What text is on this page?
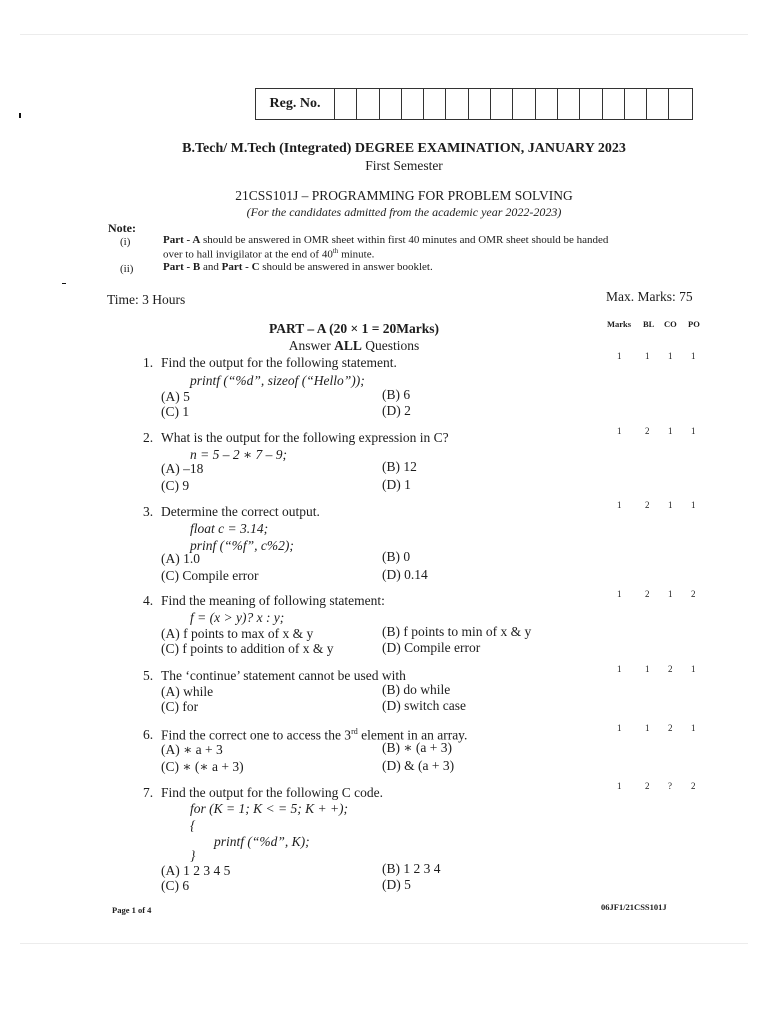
Reg. No.
B.Tech/ M.Tech (Integrated) DEGREE EXAMINATION, JANUARY 2023
First Semester
21CSS101J – PROGRAMMING FOR PROBLEM SOLVING
(For the candidates admitted from the academic year 2022-2023)
Note:
(i)	Part - A should be answered in OMR sheet within first 40 minutes and OMR sheet should be handed
over to hall invigilator at the end of 40th minute.
(ii)	Part - B and Part - C should be answered in answer booklet.
Time: 3 Hours	Max. Marks: 75
PART – A (20 × 1 = 20Marks)
Answer ALL Questions
Marks BL CO PO
1. Find the output for the following statement.
printf (“%d”, sizeof (“Hello”));
(A) 5	(B) 6
(C) 1	(D) 2
1	1 1 1
2. What is the output for the following expression in C?
n = 5 – 2 ∗ 7 – 9;
(A) –18	(B) 12
(C) 9	(D) 1
1	2 1 1
3. Determine the correct output.
float c = 3.14;
prinf (“%f”, c%2);
(A) 1.0	(B) 0
(C) Compile error	(D) 0.14
1	2 1 1
4. Find the meaning of following statement:
f = (x > y)? x : y;
(A) f points to max of x & y	(B) f points to min of x & y
(C) f points to addition of x & y	(D) Compile error
1	2 1 2
5. The ‘continue’ statement cannot be used with
(A) while	(B) do while
(C) for	(D) switch case
1	1 2 1
6. Find the correct one to access the 3rd element in an array.
(A) ∗ a + 3	(B) ∗ (a + 3)
(C) ∗ (∗ a + 3)	(D) & (a + 3)
1	1 2 1
7. Find the output for the following C code.
for (K = 1; K < = 5; K + +);
{
printf (“%d”, K);
}
(A) 1 2 3 4 5	(B) 1 2 3 4
(C) 6	(D) 5
1	2 ? 2
Page 1 of 4	06JF1/21CSS101J
